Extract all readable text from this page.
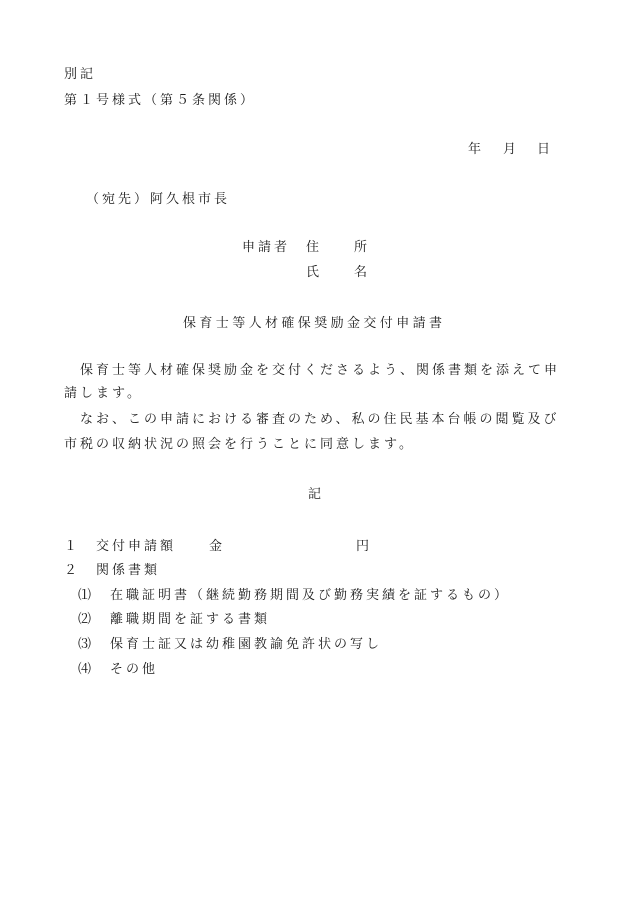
別記
第１号様式（第５条関係）
年 月 日
（宛先）阿久根市長
申請者 住　　所
氏　　名
保育士等人材確保奨励金交付申請書
保育士等人材確保奨励金を交付くださるよう、関係書類を添えて申
請します。
なお、この申請における審査のため、私の住民基本台帳の閲覧及び
市税の収納状況の照会を行うことに同意します。
記
１ 交付申請額	金	円
２ 関係書類
⑴ 在職証明書（継続勤務期間及び勤務実績を証するもの）
⑵ 離職期間を証する書類
⑶ 保育士証又は幼稚園教諭免許状の写し
⑷ その他
